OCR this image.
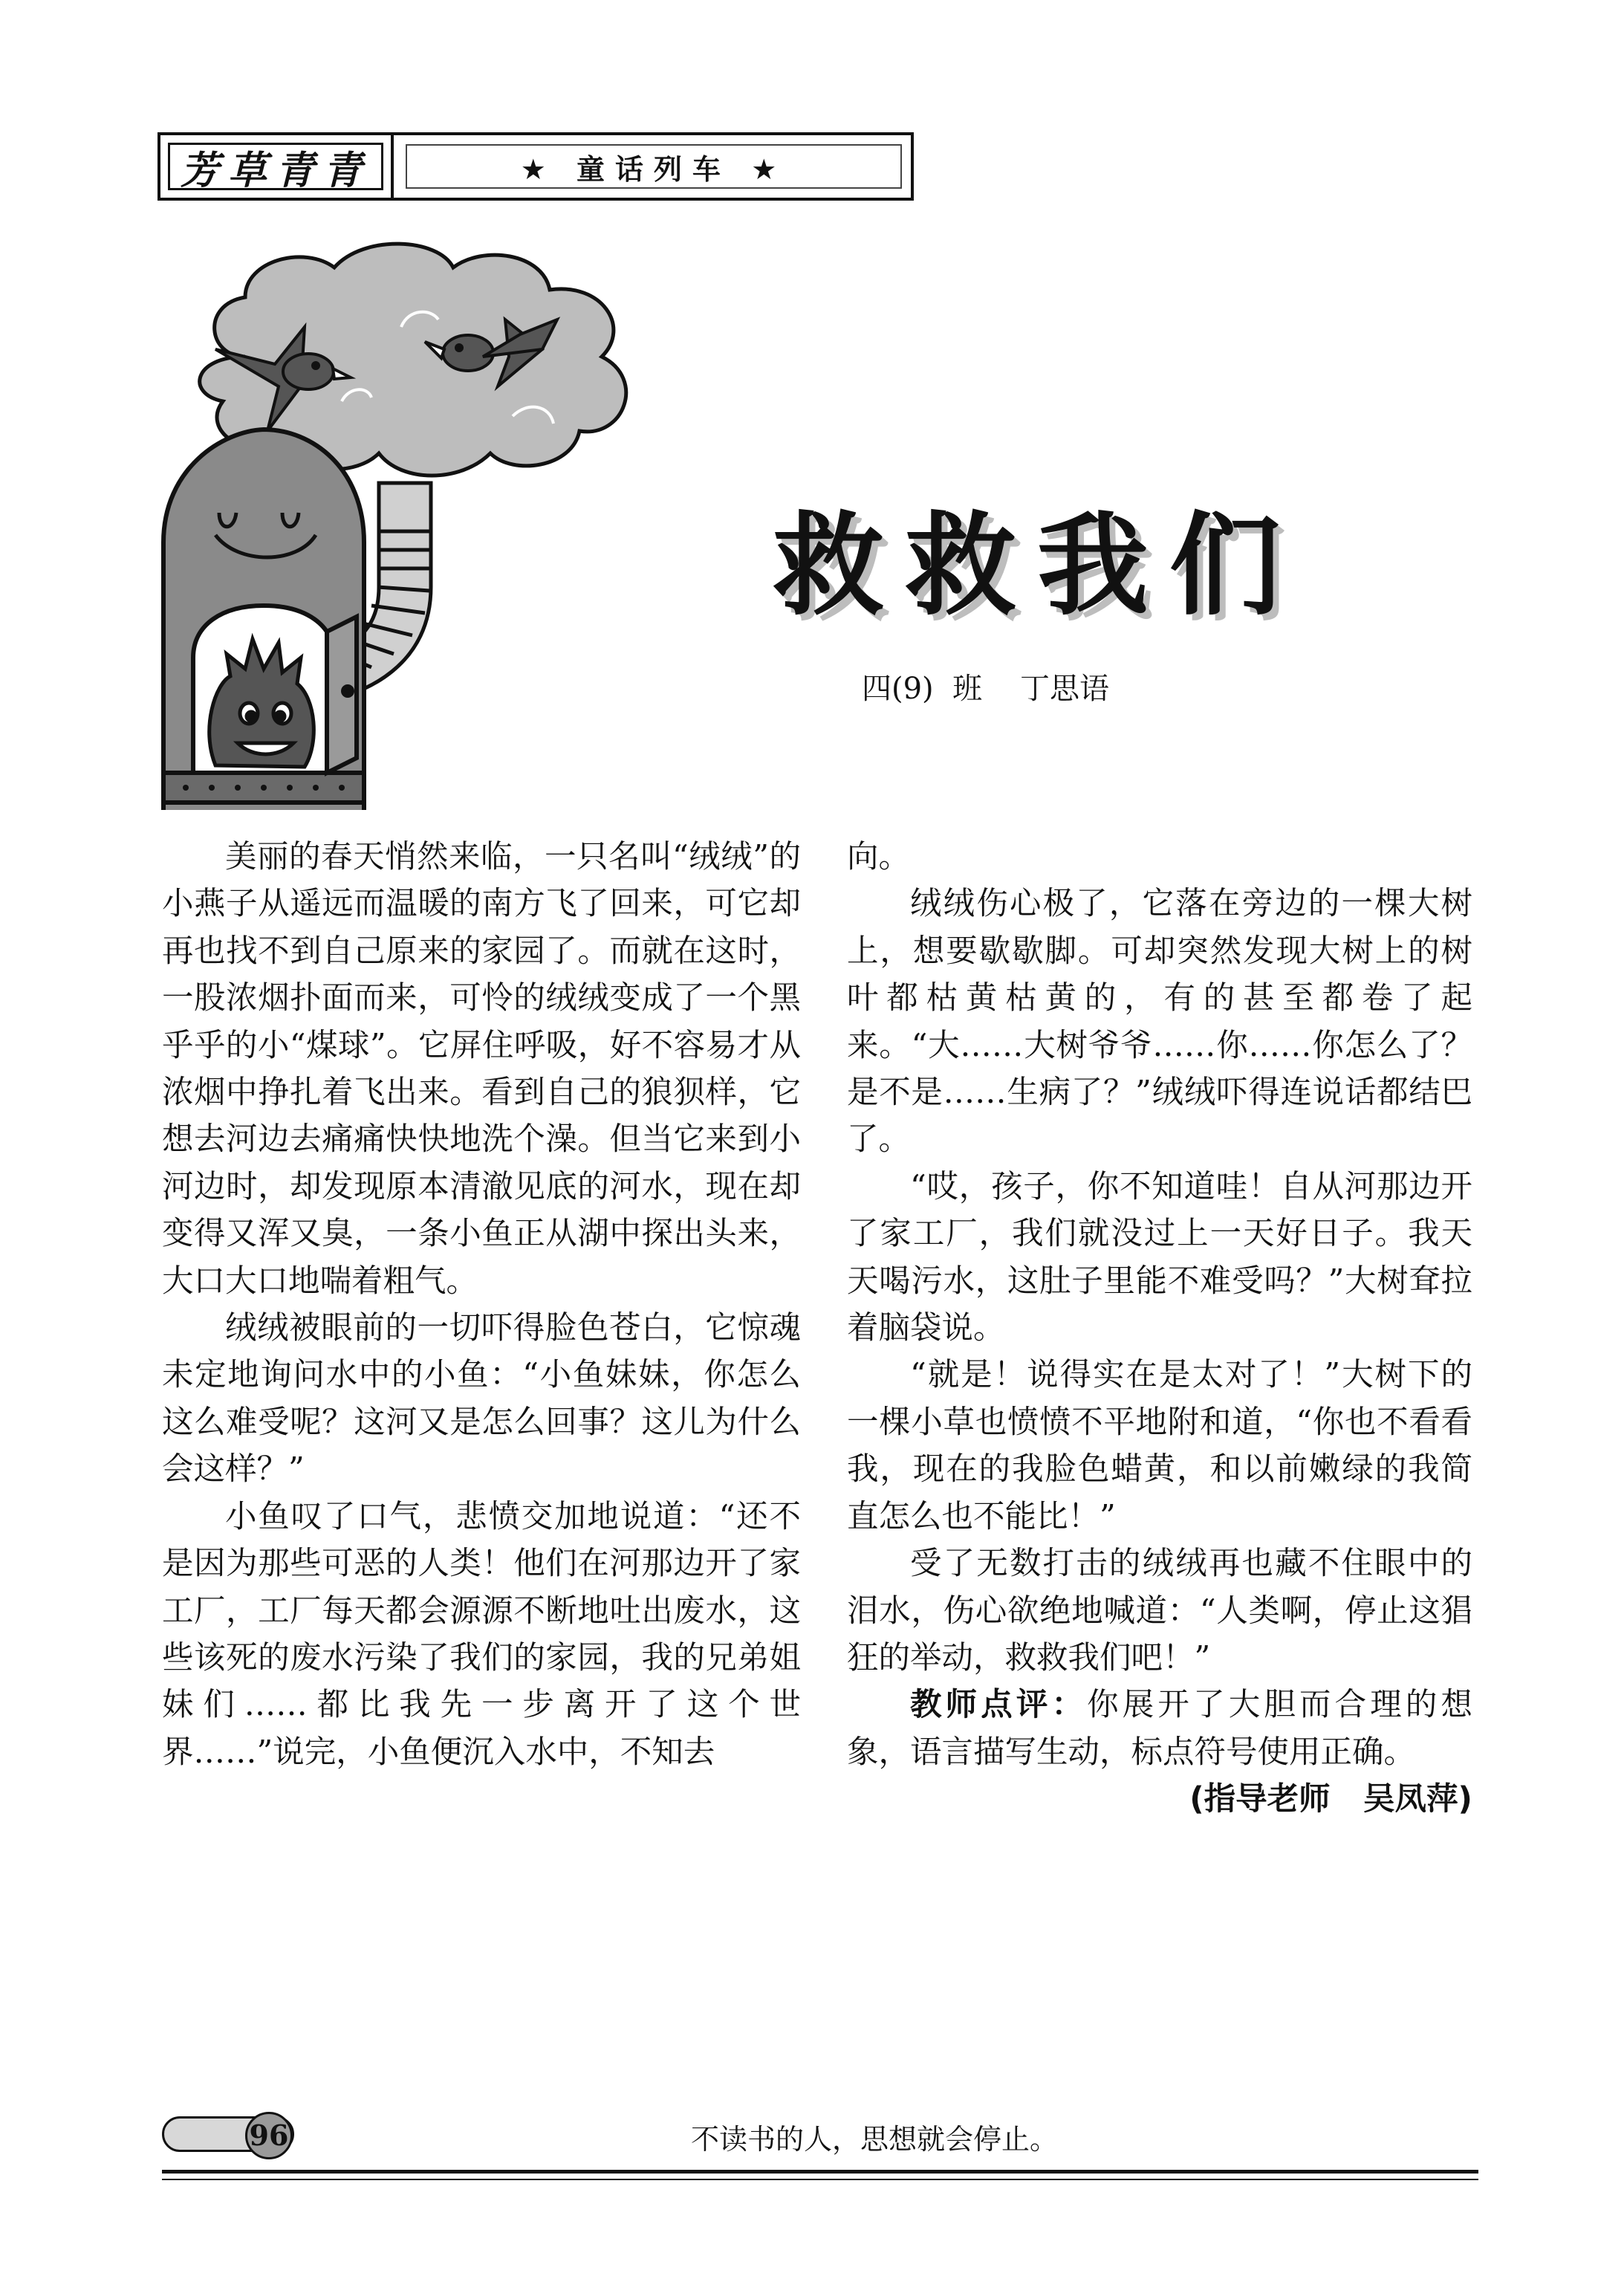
芳草青青	★ 童话列车 ★
救救我们
四(9)  班    丁思语

美丽的春天悄然来临，一只名叫“绒绒”的小燕子从遥远而温暖的南方飞了回来，可它却再也找不到自己原来的家园了。而就在这时，一股浓烟扑面而来，可怜的绒绒变成了一个黑乎乎的小“煤球”。它屏住呼吸，好不容易才从浓烟中挣扎着飞出来。看到自己的狼狈样，它想去河边去痛痛快快地洗个澡。但当它来到小河边时，却发现原本清澈见底的河水，现在却变得又浑又臭，一条小鱼正从湖中探出头来，大口大口地喘着粗气。

绒绒被眼前的一切吓得脸色苍白，它惊魂未定地询问水中的小鱼：“小鱼妹妹，你怎么这么难受呢？这河又是怎么回事？这儿为什么会这样？”

小鱼叹了口气，悲愤交加地说道：“还不是因为那些可恶的人类！他们在河那边开了家工厂，工厂每天都会源源不断地吐出废水，这些该死的废水污染了我们的家园，我的兄弟姐妹们……都比我先一步离开了这个世界……”说完，小鱼便沉入水中，不知去

向。

绒绒伤心极了，它落在旁边的一棵大树上，想要歇歇脚。可却突然发现大树上的树叶都枯黄枯黄的，有的甚至都卷了起来。“大……大树爷爷……你……你怎么了？是不是……生病了？”绒绒吓得连说话都结巴了。

“哎，孩子，你不知道哇！自从河那边开了家工厂，我们就没过上一天好日子。我天天喝污水，这肚子里能不难受吗？”大树耷拉着脑袋说。

“就是！说得实在是太对了！”大树下的一棵小草也愤愤不平地附和道，“你也不看看我，现在的我脸色蜡黄，和以前嫩绿的我简直怎么也不能比！”

受了无数打击的绒绒再也藏不住眼中的泪水，伤心欲绝地喊道：“人类啊，停止这猖狂的举动，救救我们吧！”

教师点评：你展开了大胆而合理的想象，语言描写生动，标点符号使用正确。

(指导老师   吴凤萍)

96	不读书的人，思想就会停止。
